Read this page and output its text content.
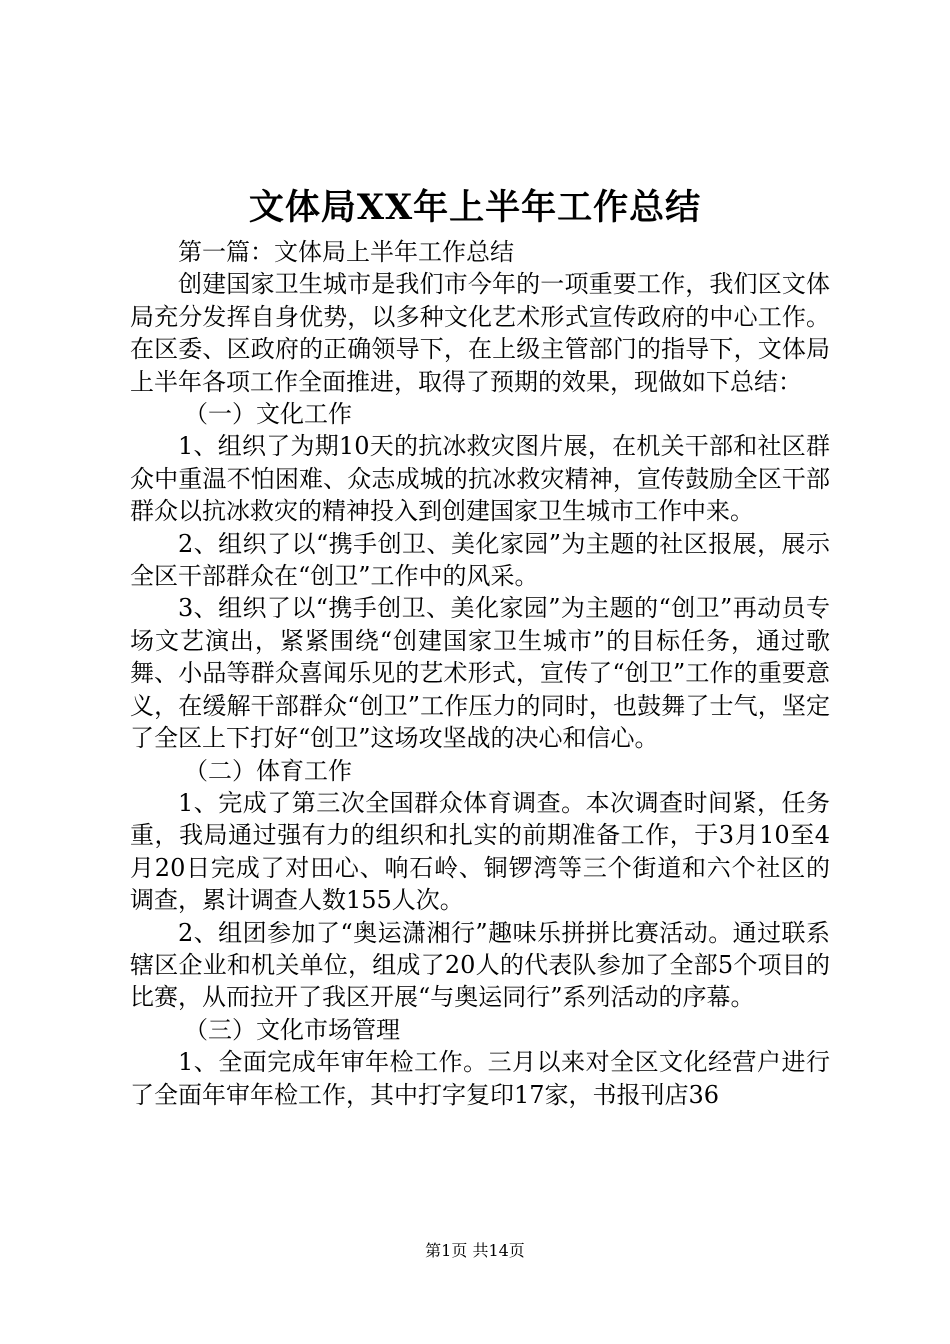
文体局XX年上半年工作总结

第一篇：文体局上半年工作总结

创建国家卫生城市是我们市今年的一项重要工作，我们区文体局充分发挥自身优势，以多种文化艺术形式宣传政府的中心工作。在区委、区政府的正确领导下，在上级主管部门的指导下，文体局上半年各项工作全面推进，取得了预期的效果，现做如下总结：

（一）文化工作

1、组织了为期10天的抗冰救灾图片展，在机关干部和社区群众中重温不怕困难、众志成城的抗冰救灾精神，宣传鼓励全区干部群众以抗冰救灾的精神投入到创建国家卫生城市工作中来。

2、组织了以“携手创卫、美化家园”为主题的社区报展，展示全区干部群众在“创卫”工作中的风采。

3、组织了以“携手创卫、美化家园”为主题的“创卫”再动员专场文艺演出，紧紧围绕“创建国家卫生城市”的目标任务，通过歌舞、小品等群众喜闻乐见的艺术形式，宣传了“创卫”工作的重要意义，在缓解干部群众“创卫”工作压力的同时，也鼓舞了士气，坚定了全区上下打好“创卫”这场攻坚战的决心和信心。

（二）体育工作

1、完成了第三次全国群众体育调查。本次调查时间紧，任务重，我局通过强有力的组织和扎实的前期准备工作，于3月10至4月20日完成了对田心、响石岭、铜锣湾等三个街道和六个社区的调查，累计调查人数155人次。

2、组团参加了“奥运潇湘行”趣味乐拼拼比赛活动。通过联系辖区企业和机关单位，组成了20人的代表队参加了全部5个项目的比赛，从而拉开了我区开展“与奥运同行”系列活动的序幕。

（三）文化市场管理

1、全面完成年审年检工作。三月以来对全区文化经营户进行了全面年审年检工作，其中打字复印17家，书报刊店36

第1页 共14页
